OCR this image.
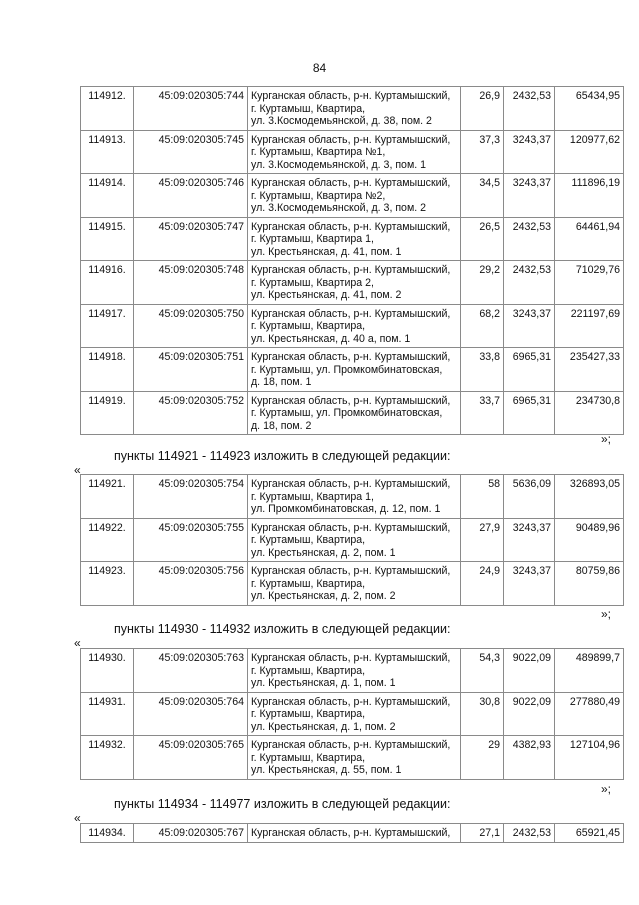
84
114912.	45:09:020305:744	Курганская область, р-н. Куртамышский,
г. Куртамыш, Квартира,
ул. 3.Космодемьянской, д. 38, пом. 2	26,9	2432,53	65434,95
114913.	45:09:020305:745	Курганская область, р-н. Куртамышский,
г. Куртамыш, Квартира №1,
ул. 3.Космодемьянской, д. 3, пом. 1	37,3	3243,37	120977,62
114914.	45:09:020305:746	Курганская область, р-н. Куртамышский,
г. Куртамыш, Квартира №2,
ул. 3.Космодемьянской, д. 3, пом. 2	34,5	3243,37	111896,19
114915.	45:09:020305:747	Курганская область, р-н. Куртамышский,
г. Куртамыш, Квартира 1,
ул. Крестьянская, д. 41, пом. 1	26,5	2432,53	64461,94
114916.	45:09:020305:748	Курганская область, р-н. Куртамышский,
г. Куртамыш, Квартира 2,
ул. Крестьянская, д. 41, пом. 2	29,2	2432,53	71029,76
114917.	45:09:020305:750	Курганская область, р-н. Куртамышский,
г. Куртамыш, Квартира,
ул. Крестьянская, д. 40 а, пом. 1	68,2	3243,37	221197,69
114918.	45:09:020305:751	Курганская область, р-н. Куртамышский,
г. Куртамыш, ул. Промкомбинатовская,
д. 18, пом. 1	33,8	6965,31	235427,33
114919.	45:09:020305:752	Курганская область, р-н. Куртамышский,
г. Куртамыш, ул. Промкомбинатовская,
д. 18, пом. 2	33,7	6965,31	234730,8
»;
пункты 114921 - 114923 изложить в следующей редакции:
«
114921.	45:09:020305:754	Курганская область, р-н. Куртамышский,
г. Куртамыш, Квартира 1,
ул. Промкомбинатовская, д. 12, пом. 1	58	5636,09	326893,05
114922.	45:09:020305:755	Курганская область, р-н. Куртамышский,
г. Куртамыш, Квартира,
ул. Крестьянская, д. 2, пом. 1	27,9	3243,37	90489,96
114923.	45:09:020305:756	Курганская область, р-н. Куртамышский,
г. Куртамыш, Квартира,
ул. Крестьянская, д. 2, пом. 2	24,9	3243,37	80759,86
»;
пункты 114930 - 114932 изложить в следующей редакции:
«
114930.	45:09:020305:763	Курганская область, р-н. Куртамышский,
г. Куртамыш, Квартира,
ул. Крестьянская, д. 1, пом. 1	54,3	9022,09	489899,7
114931.	45:09:020305:764	Курганская область, р-н. Куртамышский,
г. Куртамыш, Квартира,
ул. Крестьянская, д. 1, пом. 2	30,8	9022,09	277880,49
114932.	45:09:020305:765	Курганская область, р-н. Куртамышский,
г. Куртамыш, Квартира,
ул. Крестьянская, д. 55, пом. 1	29	4382,93	127104,96
»;
пункты 114934 - 114977 изложить в следующей редакции:
«
114934.	45:09:020305:767	Курганская область, р-н. Куртамышский,	27,1	2432,53	65921,45
